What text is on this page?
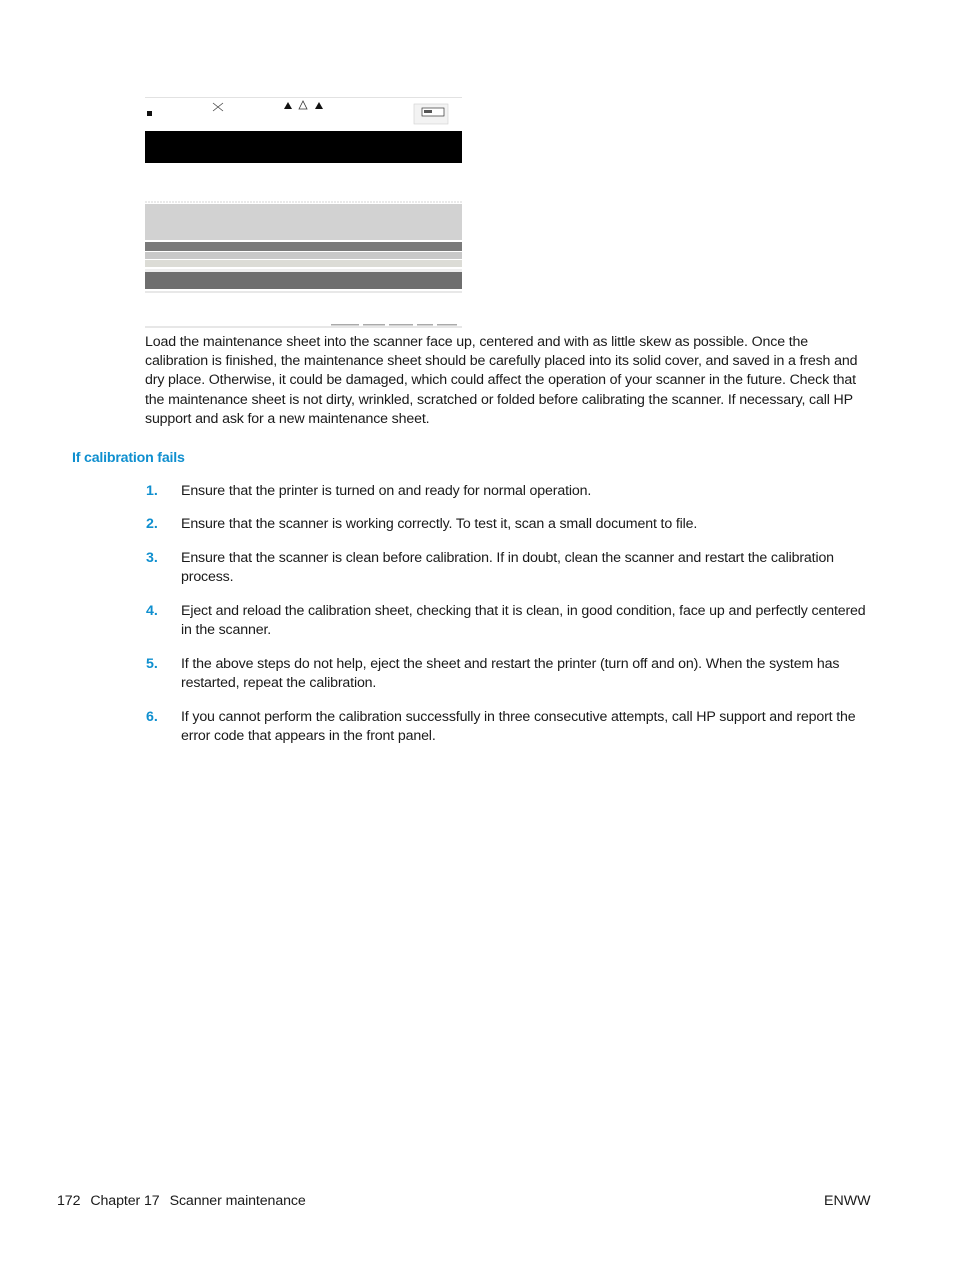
Load the maintenance sheet into the scanner face up, centered and with as little skew as possible. Once the calibration is finished, the maintenance sheet should be carefully placed into its solid cover, and saved in a fresh and dry place. Otherwise, it could be damaged, which could affect the operation of your scanner in the future. Check that the maintenance sheet is not dirty, wrinkled, scratched or folded before calibrating the scanner. If necessary, call HP support and ask for a new maintenance sheet.

If calibration fails
1. Ensure that the printer is turned on and ready for normal operation.
2. Ensure that the scanner is working correctly. To test it, scan a small document to file.
3. Ensure that the scanner is clean before calibration. If in doubt, clean the scanner and restart the calibration process.
4. Eject and reload the calibration sheet, checking that it is clean, in good condition, face up and perfectly centered in the scanner.
5. If the above steps do not help, eject the sheet and restart the printer (turn off and on). When the system has restarted, repeat the calibration.
6. If you cannot perform the calibration successfully in three consecutive attempts, call HP support and report the error code that appears in the front panel.
172 Chapter 17 Scanner maintenance	ENWW
